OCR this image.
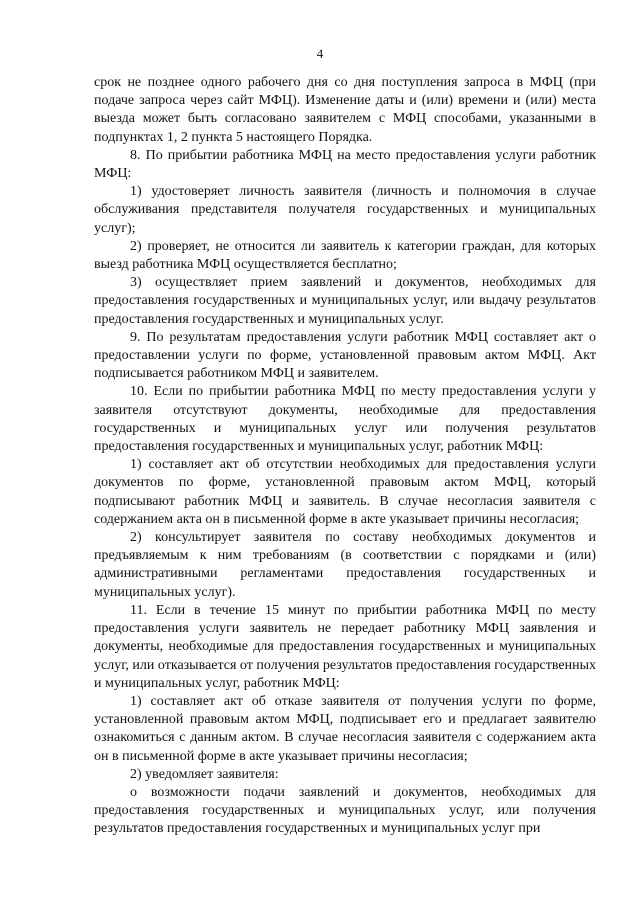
4

срок не позднее одного рабочего дня со дня поступления запроса в МФЦ (при подаче запроса через сайт МФЦ). Изменение даты и (или) времени и (или) места выезда может быть согласовано заявителем с МФЦ способами, указанными в подпунктах 1, 2 пункта 5 настоящего Порядка.

8. По прибытии работника МФЦ на место предоставления услуги работник МФЦ:

1) удостоверяет личность заявителя (личность и полномочия в случае обслуживания представителя получателя государственных и муниципальных услуг);

2) проверяет, не относится ли заявитель к категории граждан, для которых выезд работника МФЦ осуществляется бесплатно;

3) осуществляет прием заявлений и документов, необходимых для предоставления государственных и муниципальных услуг, или выдачу результатов предоставления государственных и муниципальных услуг.

9. По результатам предоставления услуги работник МФЦ составляет акт о предоставлении услуги по форме, установленной правовым актом МФЦ. Акт подписывается работником МФЦ и заявителем.

10. Если по прибытии работника МФЦ по месту предоставления услуги у заявителя отсутствуют документы, необходимые для предоставления государственных и муниципальных услуг или получения результатов предоставления государственных и муниципальных услуг, работник МФЦ:

1) составляет акт об отсутствии необходимых для предоставления услуги документов по форме, установленной правовым актом МФЦ, который подписывают работник МФЦ и заявитель. В случае несогласия заявителя с содержанием акта он в письменной форме в акте указывает причины несогласия;

2) консультирует заявителя по составу необходимых документов и предъявляемым к ним требованиям (в соответствии с порядками и (или) административными регламентами предоставления государственных и муниципальных услуг).

11. Если в течение 15 минут по прибытии работника МФЦ по месту предоставления услуги заявитель не передает работнику МФЦ заявления и документы, необходимые для предоставления государственных и муниципальных услуг, или отказывается от получения результатов предоставления государственных и муниципальных услуг, работник МФЦ:

1) составляет акт об отказе заявителя от получения услуги по форме, установленной правовым актом МФЦ, подписывает его и предлагает заявителю ознакомиться с данным актом. В случае несогласия заявителя с содержанием акта он в письменной форме в акте указывает причины несогласия;

2) уведомляет заявителя:

о возможности подачи заявлений и документов, необходимых для предоставления государственных и муниципальных услуг, или получения результатов предоставления государственных и муниципальных услуг при
